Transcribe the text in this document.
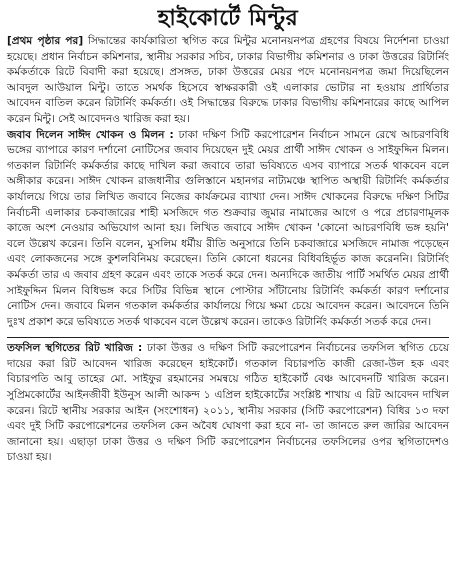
হাইকোর্টে মিন্টুর

[প্রথম পৃষ্ঠার পর] সিদ্ধান্তের কার্যকারিতা স্থগিত করে মিন্টুর মনোনয়নপত্র গ্রহণের বিষয়ে নির্দেশনা চাওয়া হয়েছে। প্রধান নির্বাচন কমিশনার, স্থানীয় সরকার সচিব, ঢাকার বিভাগীয় কমিশনার ও ঢাকা উত্তরের রিটার্নিং কর্মকর্তাকে রিটে বিবাদী করা হয়েছে। প্রসঙ্গত, ঢাকা উত্তরের মেয়র পদে মনোনয়নপত্র জমা দিয়েছিলেন আবদুল আউয়াল মিন্টু। তাতে সমর্থক হিসেবে স্বাক্ষরকারী ওই এলাকার ভোটার না হওয়ায় প্রার্থিতার আবেদন বাতিল করেন রিটার্নিং কর্মকর্তা। ওই সিদ্ধান্তের বিরুদ্ধে ঢাকার বিভাগীয় কমিশনারের কাছে আপিল করেন মিন্টু। সেই আবেদনও খারিজ করা হয়।

জবাব দিলেন সাঈদ খোকন ও মিলন : ঢাকা দক্ষিণ সিটি করপোরেশন নির্বাচন সামনে রেখে আচরণবিধি ভঙ্গের ব্যাপারে কারণ দর্শানো নোটিসের জবাব দিয়েছেন দুই মেয়র প্রার্থী সাঈদ খোকন ও সাইফুদ্দিন মিলন। গতকাল রিটার্নিং কর্মকর্তার কাছে দাখিল করা জবাবে তারা ভবিষ্যতে এসব ব্যাপারে সতর্ক থাকবেন বলে অঙ্গীকার করেন। সাঈদ খোকন রাজধানীর গুলিস্তানে মহানগর নাট্যমঞ্চে স্থাপিত অস্থায়ী রিটার্নিং কর্মকর্তার কার্যালয়ে গিয়ে তার লিখিত জবাবে নিজের কার্যক্রমের ব্যাখ্যা দেন। সাঈদ খোকনের বিরুদ্ধে দক্ষিণ সিটির নির্বাচনী এলাকার চকবাজারের শাহী মসজিদে গত শুক্রবার জুমার নামাজের আগে ও পরে প্রচারণামূলক কাজে অংশ নেওয়ার অভিযোগ আনা হয়। লিখিত জবাবে সাঈদ খোকন 'কোনো আচরণবিধি ভঙ্গ হয়নি' বলে উল্লেখ করেন। তিনি বলেন, মুসলিম ধর্মীয় রীতি অনুসারে তিনি চকবাজারে মসজিদে নামাজ পড়েছেন এবং লোকজনের সঙ্গে কুশলবিনিময় করেছেন। তিনি কোনো ধরনের বিধিবহির্ভূত কাজ করেননি। রিটার্নিং কর্মকর্তা তার এ জবাব গ্রহণ করেন এবং তাকে সতর্ক করে দেন। অন্যদিকে জাতীয় পার্টি সমর্থিত মেয়র প্রার্থী সাইফুদ্দিন মিলন বিধিভঙ্গ করে সিটির বিভিন্ন স্থানে পোস্টার সাঁটানোয় রিটার্নিং কর্মকর্তা কারণ দর্শানোর নোটিস দেন। জবাবে মিলন গতকাল কর্মকর্তার কার্যালয়ে গিয়ে ক্ষমা চেয়ে আবেদন করেন। আবেদনে তিনি দুঃখ প্রকাশ করে ভবিষ্যতে সতর্ক থাকবেন বলে উল্লেখ করেন। তাকেও রিটার্নিং কর্মকর্তা সতর্ক করে দেন।

তফসিল স্থগিতের রিট খারিজ : ঢাকা উত্তর ও দক্ষিণ সিটি করপোরেশন নির্বাচনের তফসিল স্থগিত চেয়ে দায়ের করা রিট আবেদন খারিজ করেছেন হাইকোর্ট। গতকাল বিচারপতি কাজী রেজা-উল হক এবং বিচারপতি আবু তাহের মো. সাইফুর রহমানের সমন্বয়ে গঠিত হাইকোর্ট বেঞ্চ আবেদনটি খারিজ করেন। সুপ্রিমকোর্টের আইনজীবী ইউনুস আলী আকন্দ ১ এপ্রিল হাইকোর্টের সংশ্লিষ্ট শাখায় এ রিট আবেদন দাখিল করেন। রিটে স্থানীয় সরকার আইন (সংশোধন) ২০১১, স্থানীয় সরকার (সিটি করপোরেশন) বিধির ১৩ দফা এবং দুই সিটি করপোরেশনের তফসিল কেন অবৈধ ঘোষণা করা হবে না- তা জানতে রুল জারির আবেদন জানানো হয়। এছাড়া ঢাকা উত্তর ও দক্ষিণ সিটি করপোরেশন নির্বাচনের তফসিলের ওপর স্থগিতাদেশও চাওয়া হয়।
